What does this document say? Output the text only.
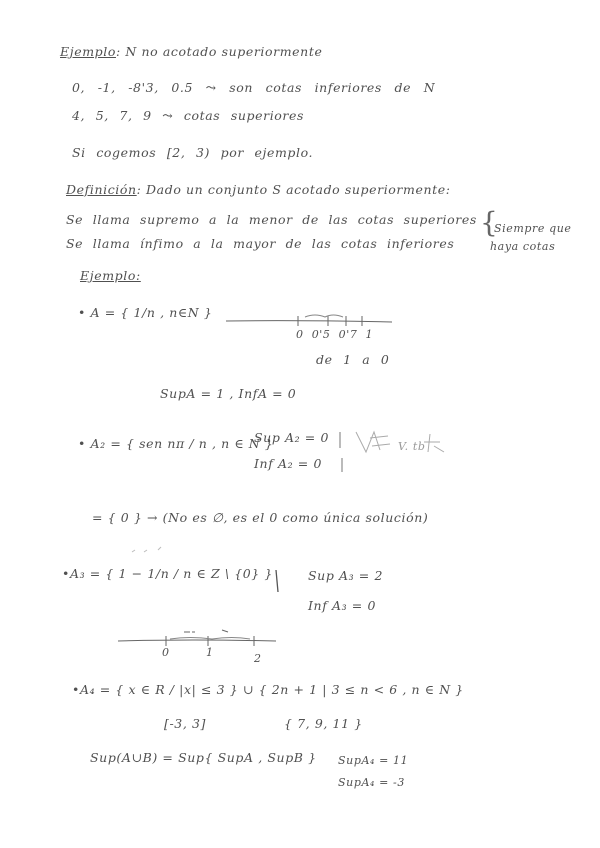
Ejemplo: N no acotado superiormente
0, -1, -8'3, 0.5 ⤳ son cotas inferiores de N
4, 5, 7, 9 ⤳ cotas superiores
Si cogemos [2, 3) por ejemplo.
Definición: Dado un conjunto S acotado superiormente:
Se llama supremo a la menor de las cotas superiores
Se llama ínfimo a la mayor de las cotas inferiores
{
Siempre que
haya cotas
Ejemplo:
• A = { 1/n , n∈N }
0 0'5 0'7 1
de 1 a 0
SupA = 1 , InfA = 0
• A₂ = { sen nπ / n , n ∈ N }
Sup A₂ = 0
Inf A₂ = 0
V. tb
= { 0 } → (No es ∅, es el 0 como única solución)
•A₃ = { 1 − 1/n / n ∈ Z \ {0} }	Sup A₃ = 2
Inf A₃ = 0
0	1	2
•A₄ = { x ∈ R / |x| ≤ 3 } ∪ { 2n + 1 | 3 ≤ n < 6 , n ∈ N }
[-3, 3]	{ 7, 9, 11 }
Sup(A∪B) = Sup{ SupA , SupB } SupA₄ = 11
SupA₄ = -3
